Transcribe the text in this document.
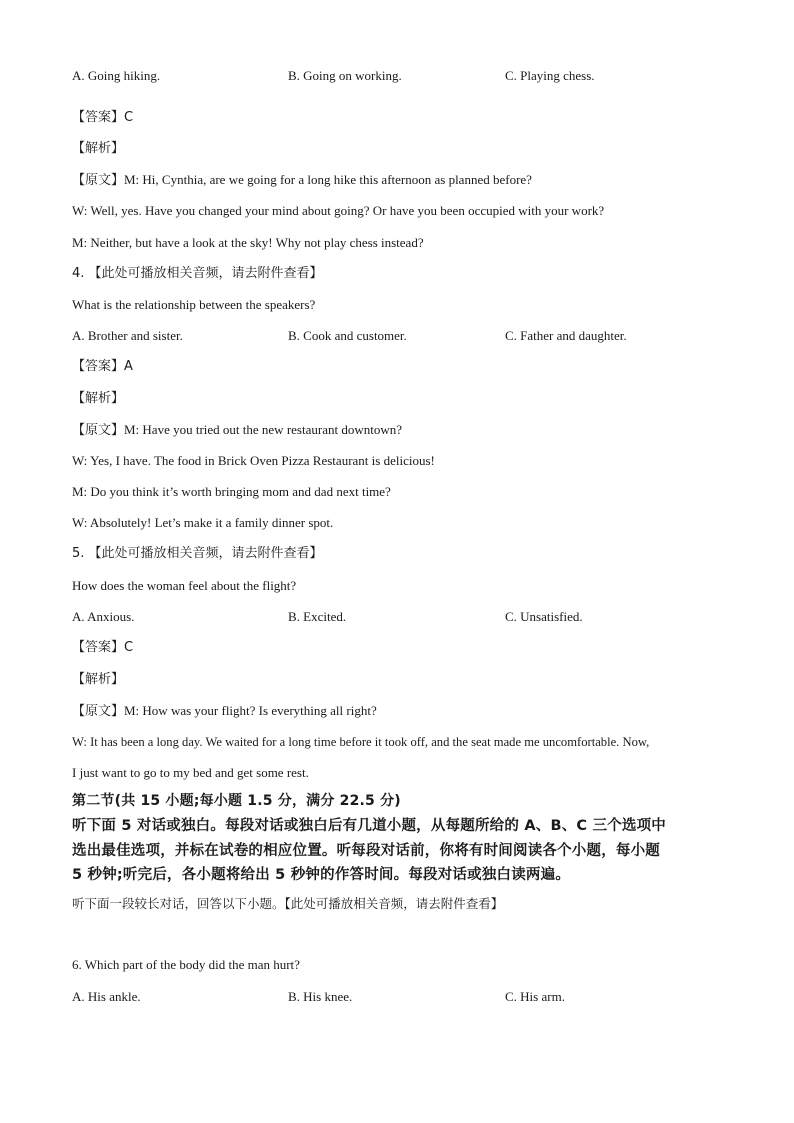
A. Going hiking.	B. Going on working.	C. Playing chess.
【答案】C
【解析】
【原文】M: Hi, Cynthia, are we going for a long hike this afternoon as planned before?
W: Well, yes. Have you changed your mind about going? Or have you been occupied with your work?
M: Neither, but have a look at the sky! Why not play chess instead?
4. 【此处可播放相关音频，请去附件查看】
What is the relationship between the speakers?
A. Brother and sister.	B. Cook and customer.	C. Father and daughter.
【答案】A
【解析】
【原文】M: Have you tried out the new restaurant downtown?
W: Yes, I have. The food in Brick Oven Pizza Restaurant is delicious!
M: Do you think it’s worth bringing mom and dad next time?
W: Absolutely! Let’s make it a family dinner spot.
5. 【此处可播放相关音频，请去附件查看】
How does the woman feel about the flight?
A. Anxious.	B. Excited.	C. Unsatisfied.
【答案】C
【解析】
【原文】M: How was your flight? Is everything all right?
W: It has been a long day. We waited for a long time before it took off, and the seat made me uncomfortable. Now,
I just want to go to my bed and get some rest.
第二节(共 15 小题;每小题 1.5 分，满分 22.5 分)
听下面 5 对话或独白。每段对话或独白后有几道小题，从每题所给的 A、B、C 三个选项中
选出最佳选项，并标在试卷的相应位置。听每段对话前，你将有时间阅读各个小题，每小题
5 秒钟;听完后，各小题将给出 5 秒钟的作答时间。每段对话或独白读两遍。
听下面一段较长对话，回答以下小题。【此处可播放相关音频，请去附件查看】
6. Which part of the body did the man hurt?
A. His ankle.	B. His knee.	C. His arm.
